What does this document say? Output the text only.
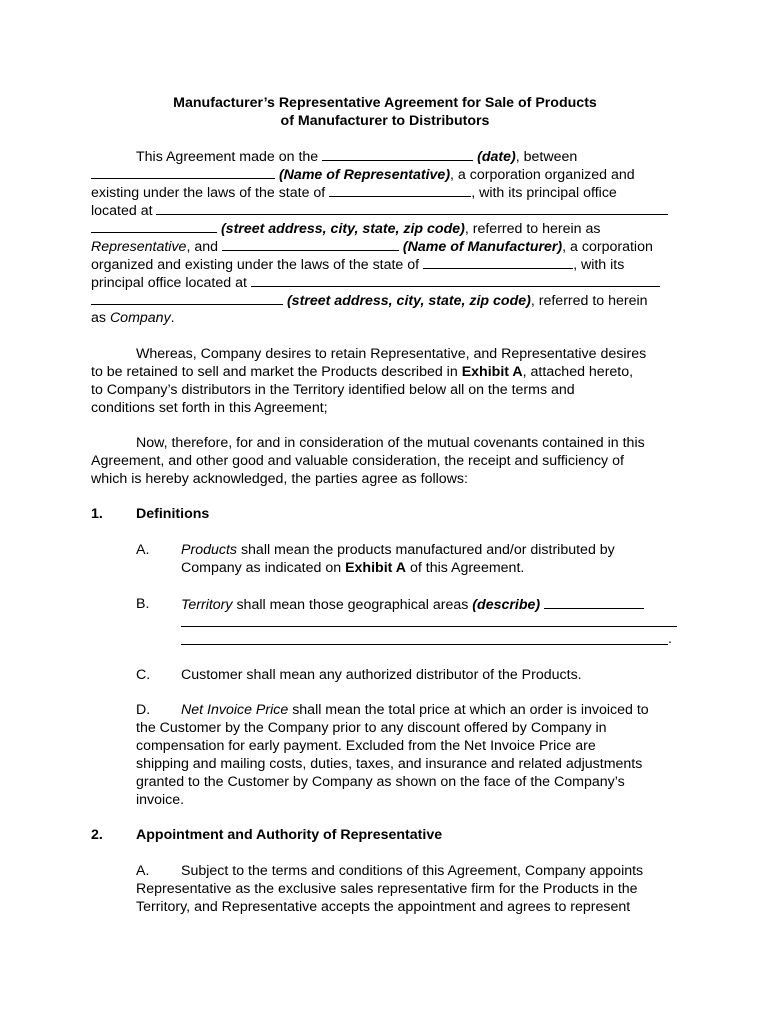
Manufacturer’s Representative Agreement for Sale of Products
of Manufacturer to Distributors
This Agreement made on the	(date), between
(Name of Representative), a corporation organized and
existing under the laws of the state of	, with its principal office
located at
(street address, city, state, zip code), referred to herein as
Representative, and	(Name of Manufacturer), a corporation
organized and existing under the laws of the state of	, with its
principal office located at
(street address, city, state, zip code), referred to herein
as Company.
Whereas, Company desires to retain Representative, and Representative desires
to be retained to sell and market the Products described in Exhibit A, attached hereto,
to Company’s distributors in the Territory identified below all on the terms and
conditions set forth in this Agreement;
Now, therefore, for and in consideration of the mutual covenants contained in this
Agreement, and other good and valuable consideration, the receipt and sufficiency of
which is hereby acknowledged, the parties agree as follows:
1. Definitions
A. Products shall mean the products manufactured and/or distributed by
Company as indicated on Exhibit A of this Agreement.
B. Territory shall mean those geographical areas (describe)
.
C. Customer shall mean any authorized distributor of the Products.
D. Net Invoice Price shall mean the total price at which an order is invoiced to
the Customer by the Company prior to any discount offered by Company in
compensation for early payment. Excluded from the Net Invoice Price are
shipping and mailing costs, duties, taxes, and insurance and related adjustments
granted to the Customer by Company as shown on the face of the Company’s
invoice.
2. Appointment and Authority of Representative
A. Subject to the terms and conditions of this Agreement, Company appoints
Representative as the exclusive sales representative firm for the Products in the
Territory, and Representative accepts the appointment and agrees to represent
